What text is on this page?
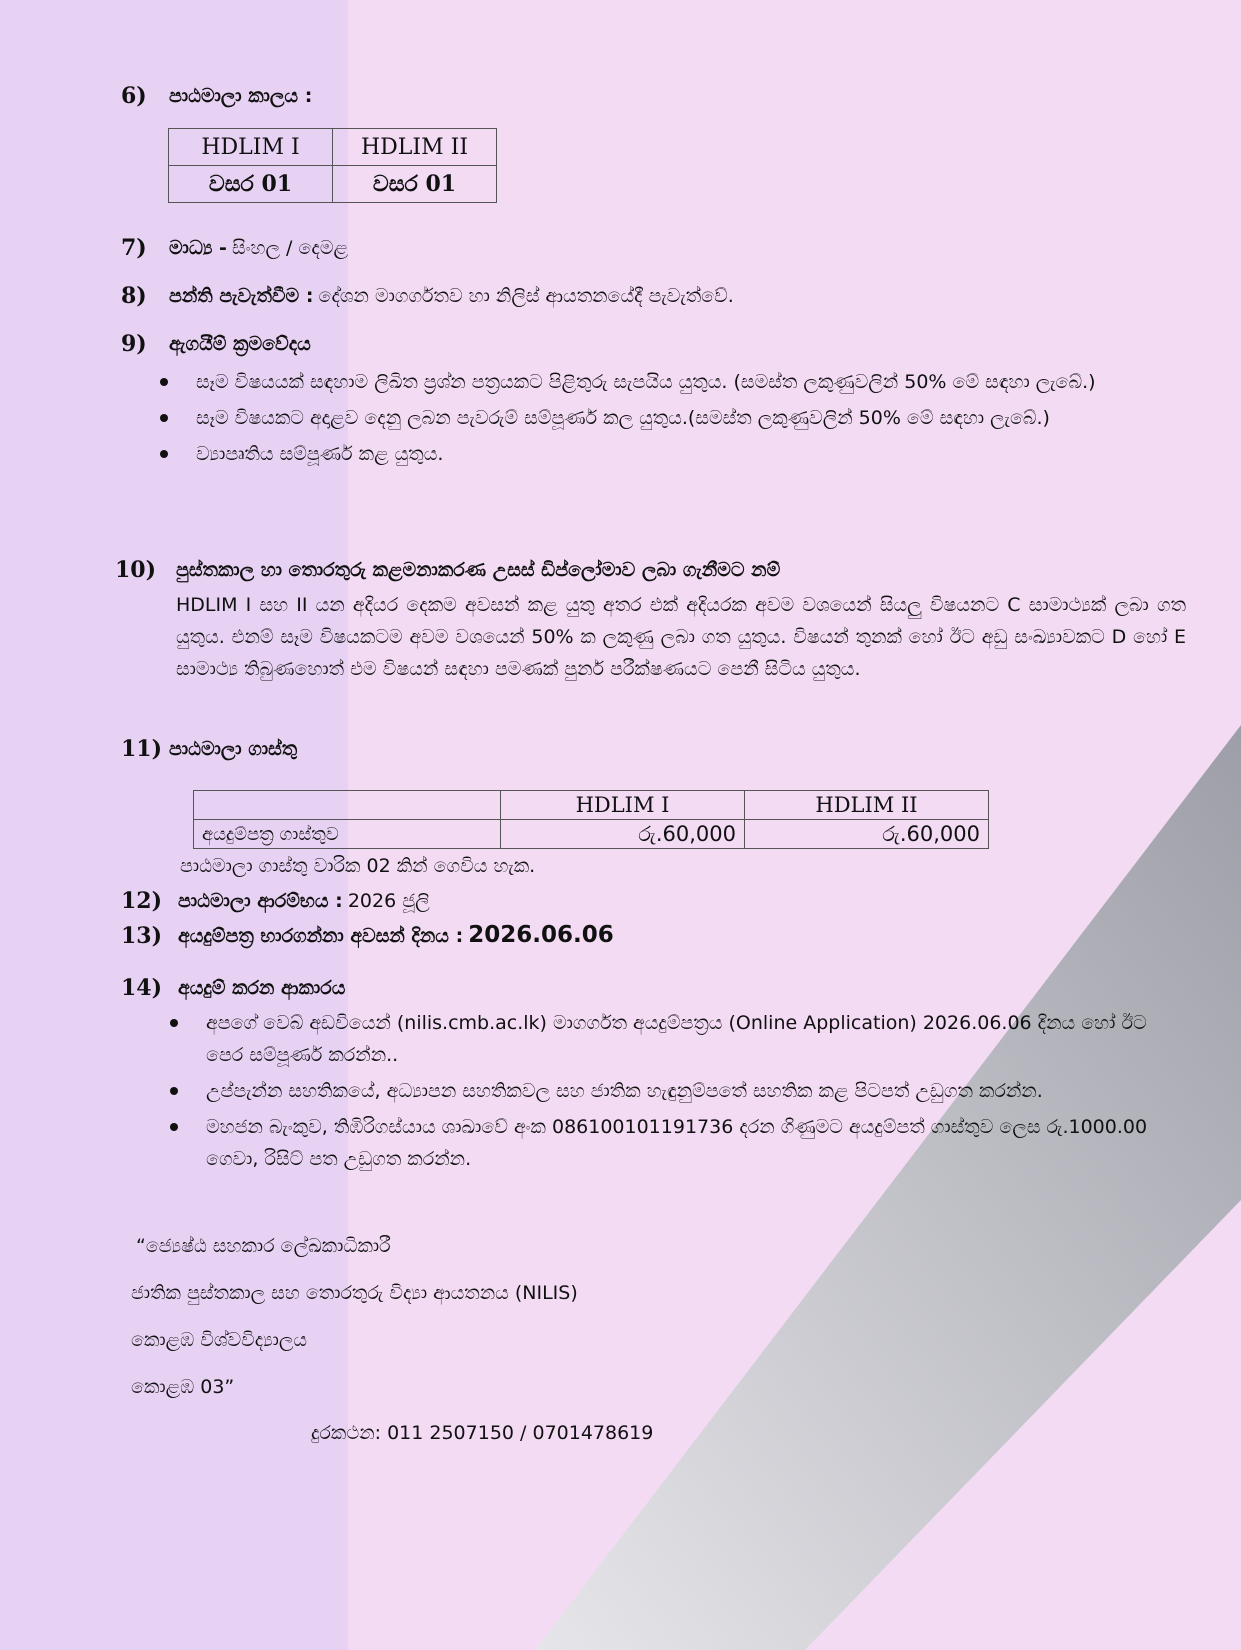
6) පාඨමාලා කාලය :
HDLIM I	HDLIM II
වසර 01	වසර 01
7) මාධ්‍ය - සිංහල / දෙමළ
8) පන්ති පැවැත්වීම : දේශන මාගර්ගතව හා නිලිස් ආයතනයේදී පැවැත්වේ.
9) ඇගයීම් ක්‍රමවේදය
සෑම විෂයයක් සඳහාම ලිඛිත ප්‍රශ්න පත්‍රයකට පිළිතුරු සැපයිය යුතුය. (සමස්ත ලකුණුවලින් 50% මේ සඳහා ලැබේ.)
සෑම විෂයකට අදාළව දෙනු ලබන පැවරුම් සම්පූර්ණ කල යුතුය.(සමස්ත ලකුණුවලින් 50% මේ සඳහා ලැබේ.)
ව්‍යාපෘතිය සම්පූර්ණ කළ යුතුය.
10) පුස්තකාල හා තොරතුරු කළමනාකරණ උසස් ඩිප්ලෝමාව ලබා ගැනීමට නම්
HDLIM I සහ II යන අදියර දෙකම අවසන් කළ යුතු අතර එක් අදියරක අවම වශයෙන් සියලු විෂයනට C සාමාථ්‍යක් ලබා ගත යුතුය. එනම් සෑම විෂයකටම අවම වශයෙන් 50% ක ලකුණු ලබා ගත යුතුය. විෂයන් තුනක් හෝ ඊට අඩු සංඛ්‍යාවකට D හෝ E සාමාථ්‍ය තිබුණහොත් එම විෂයන් සඳහා පමණක් පුනර් පරීක්ෂණයට පෙනී සිටිය යුතුය.
11) පාඨමාලා ගාස්තු
	HDLIM I	HDLIM II
අයදුම්පත්‍ර ගාස්තුව	රු.60,000	රු.60,000
පාඨමාලා ගාස්තු වාරික 02 කින් ගෙවිය හැක.
12) පාඨමාලා ආරම්භය : 2026 ජූලි
13) අයදුම්පත්‍ර භාරගන්නා අවසන් දිනය : 2026.06.06
14) අයදුම් කරන ආකාරය
අපගේ වෙබ් අඩවියෙන් (nilis.cmb.ac.lk) මාගර්ගත අයදුම්පත්‍රය (Online Application) 2026.06.06 දිනය හෝ ඊට පෙර සම්පූර්ණ කරන්න..
උප්පැන්න සහතිකයේ, අධ්‍යාපන සහතිකවල සහ ජාතික හැඳුනුම්පතේ සහතික කළ පිටපත් උඩුගත කරන්න.
මහජන බැංකුව, තිඹිරිගස්යාය ශාඛාවේ අංක 086100101191736 දරන ගිණුමට අයදුම්පත් ගාස්තුව ලෙස රු.1000.00 ගෙවා, රිසිට් පත උඩුගත කරන්න.
“ජ්‍යෙෂ්ඨ සහකාර ලේඛකාධිකාරී
ජාතික පුස්තකාල සහ තොරතුරු විද්‍යා ආයතනය (NILIS)
කොළඹ විශ්වවිද්‍යාලය
කොළඹ 03”
දුරකථන: 011 2507150 / 0701478619
